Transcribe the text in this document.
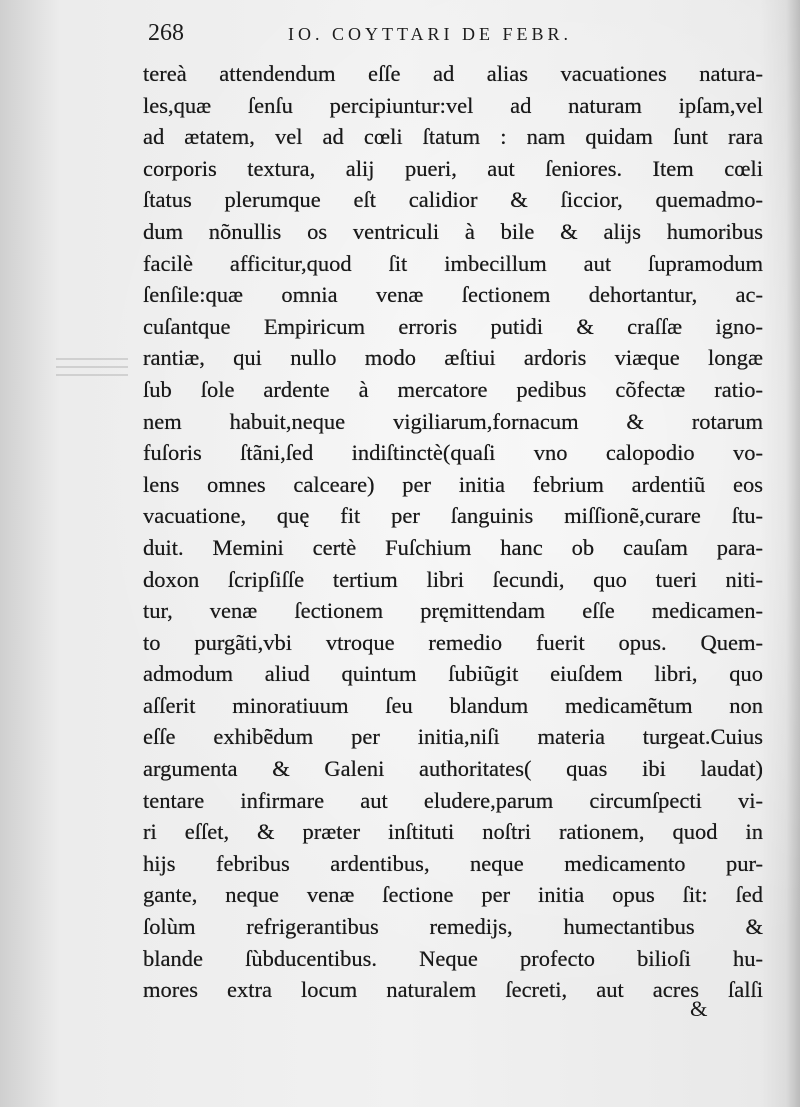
268	IO. COYTTARI DE FEBR.
tereà attendendum eſſe ad alias vacuationes natura-
les,quæ ſenſu percipiuntur:vel ad naturam ipſam,vel
ad ætatem, vel ad cœli ſtatum : nam quidam ſunt rara
corporis textura, alij pueri, aut ſeniores. Item cœli
ſtatus plerumque eſt calidior & ſiccior, quemadmo-
dum nõnullis os ventriculi à bile & alijs humoribus
facilè afficitur,quod ſit imbecillum aut ſupramodum
ſenſile:quæ omnia venæ ſectionem dehortantur, ac-
cuſantque Empiricum erroris putidi & craſſæ igno-
rantiæ, qui nullo modo æſtiui ardoris viæque longæ
ſub ſole ardente à mercatore pedibus cõfectæ ratio-
nem habuit,neque vigiliarum,fornacum & rotarum
fuſoris ſtãni,ſed indiſtinctè(quaſi vno calopodio vo-
lens omnes calceare) per initia febrium ardentiũ eos
vacuatione, quę fit per ſanguinis miſſionẽ,curare ſtu-
duit. Memini certè Fuſchium hanc ob cauſam para-
doxon ſcripſiſſe tertium libri ſecundi, quo tueri niti-
tur, venæ ſectionem pręmittendam eſſe medicamen-
to purgãti,vbi vtroque remedio fuerit opus. Quem-
admodum aliud quintum ſubiũgit eiuſdem libri, quo
aſſerit minoratiuum ſeu blandum medicamẽtum non
eſſe exhibẽdum per initia,niſi materia turgeat.Cuius
argumenta & Galeni authoritates( quas ibi laudat)
tentare infirmare aut eludere,parum circumſpecti vi-
ri eſſet, & præter inſtituti noſtri rationem, quod in
hijs febribus ardentibus, neque medicamento pur-
gante, neque venæ ſectione per initia opus ſit: ſed
ſolùm refrigerantibus remedijs, humectantibus &
blande ſùbducentibus. Neque profecto bilioſi hu-
mores extra locum naturalem ſecreti, aut acres ſalſi
&
